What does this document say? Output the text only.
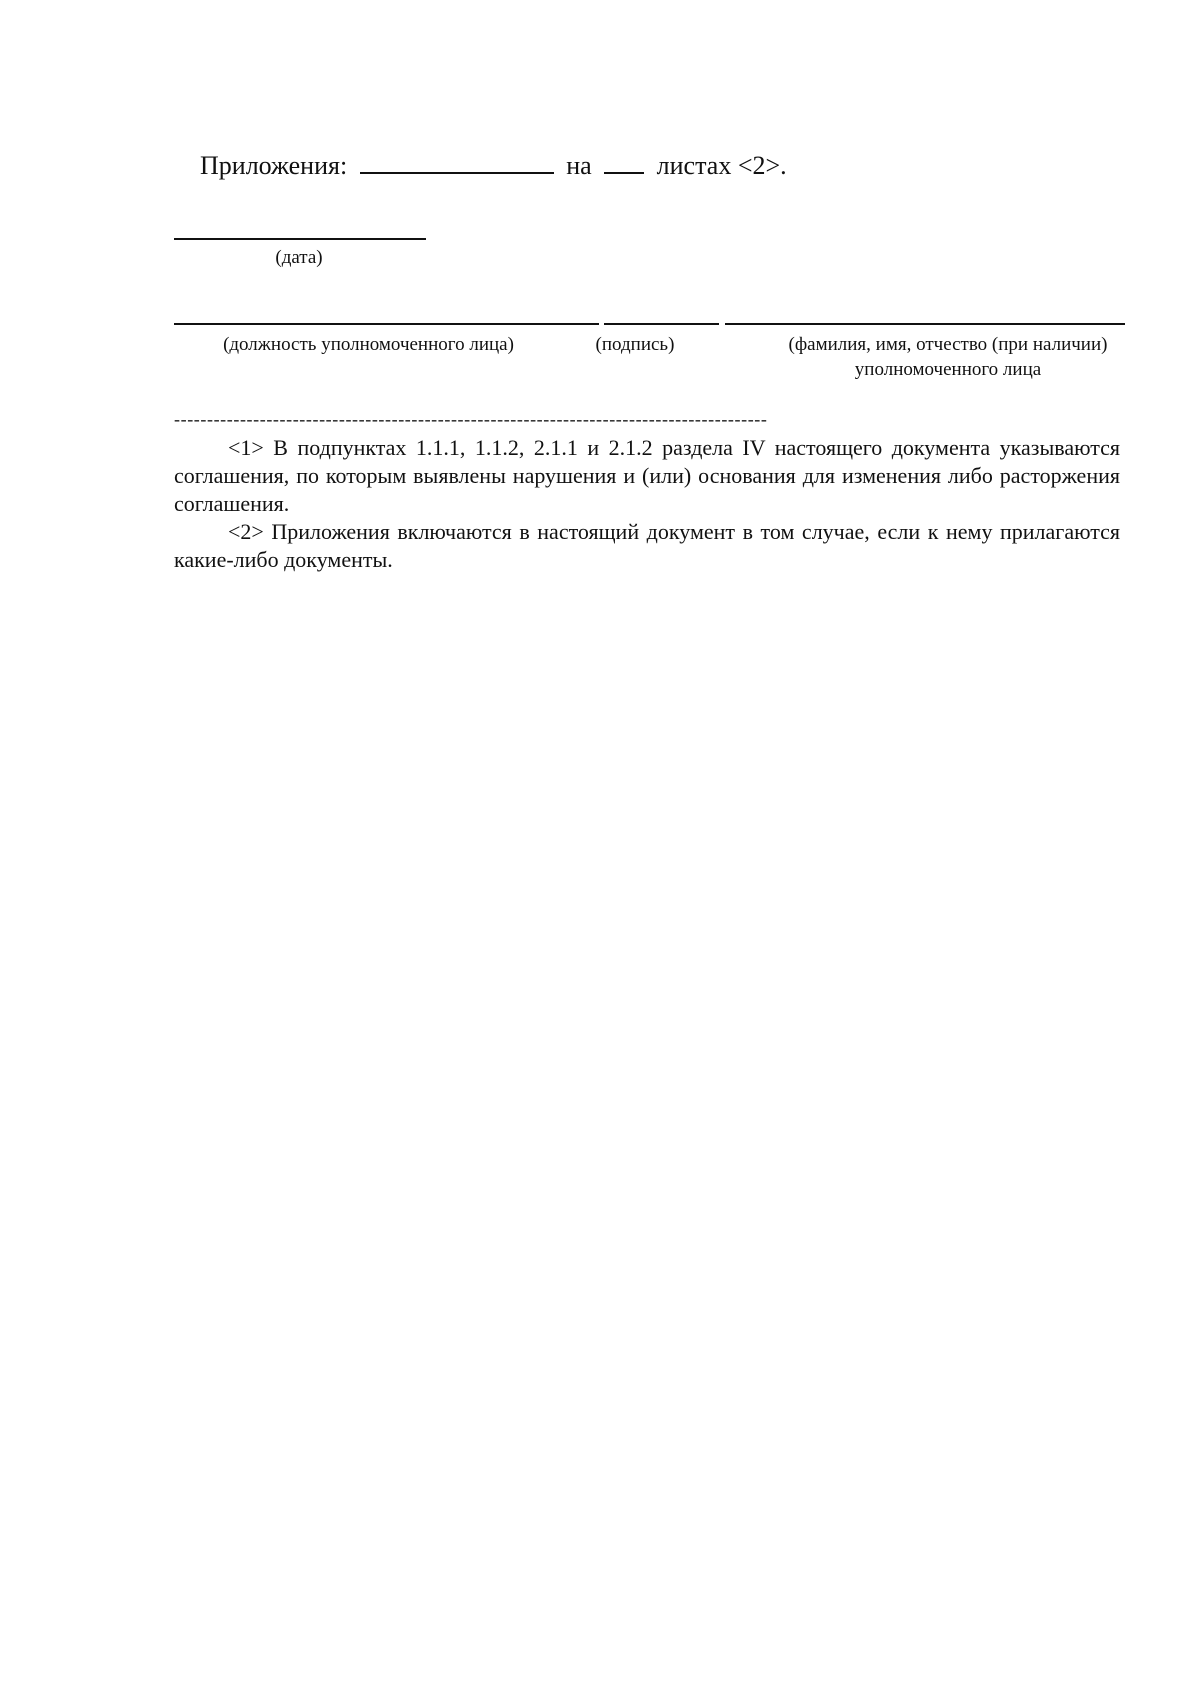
Приложения:	на	листах <2>.
(дата)
(должность уполномоченного лица)	(подпись)	(фамилия, имя, отчество (при наличии) уполномоченного лица
------------------------------------------------------------------------------------------

<1> В подпунктах 1.1.1, 1.1.2, 2.1.1 и 2.1.2 раздела IV настоящего документа указываются соглашения, по которым выявлены нарушения и (или) основания для изменения либо расторжения соглашения.

<2> Приложения включаются в настоящий документ в том случае, если к нему прилагаются какие-либо документы.
